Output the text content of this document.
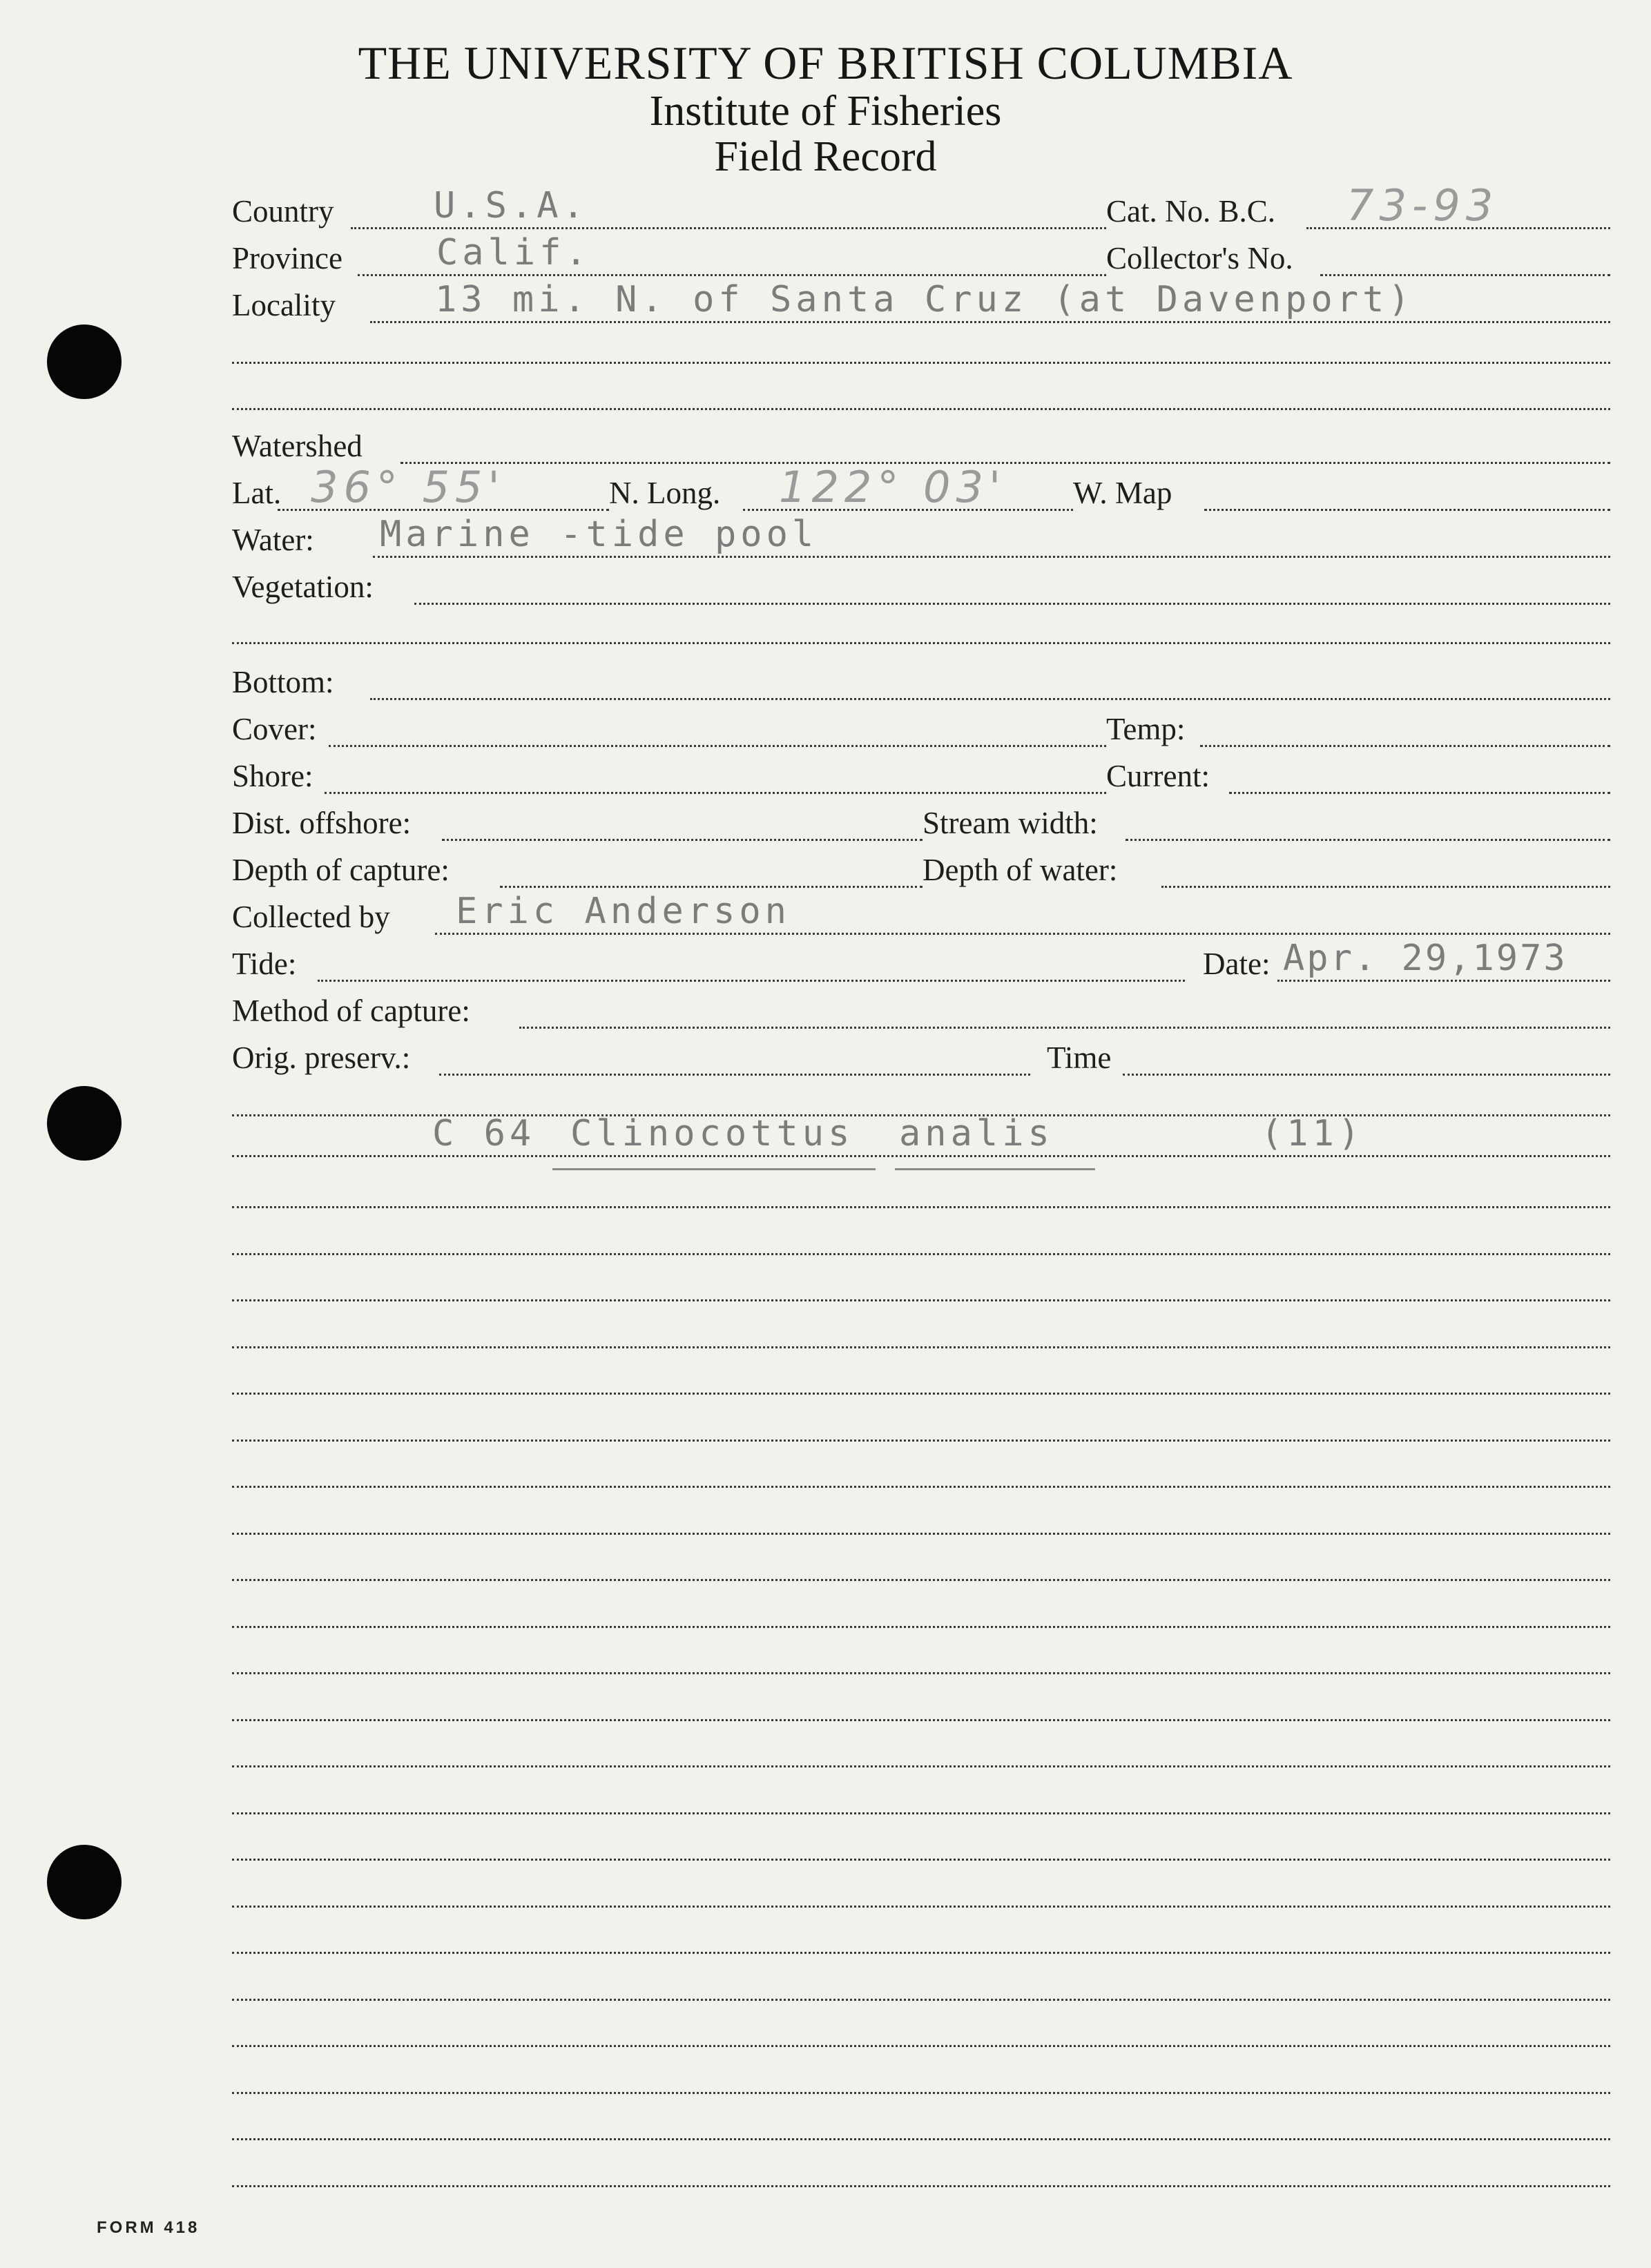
THE UNIVERSITY OF BRITISH COLUMBIA
Institute of Fisheries
Field Record
Country	U.S.A.	Cat. No. B.C. 73-93
Province	Calif.	Collector's No.
Locality	13 mi. N. of Santa Cruz (at Davenport)
Watershed
Lat. 36° 55'	N. Long. 122° 03' W. Map
Water: Marine -tide pool
Vegetation:
Bottom:
Cover:	Temp:
Shore:	Current:
Dist. offshore:	Stream width:
Depth of capture:	Depth of water:
Collected by Eric Anderson
Tide:	Date: Apr. 29,1973
Method of capture:
Orig. preserv.:	Time
C 64 Clinocottus analis	(11)
FORM 418
